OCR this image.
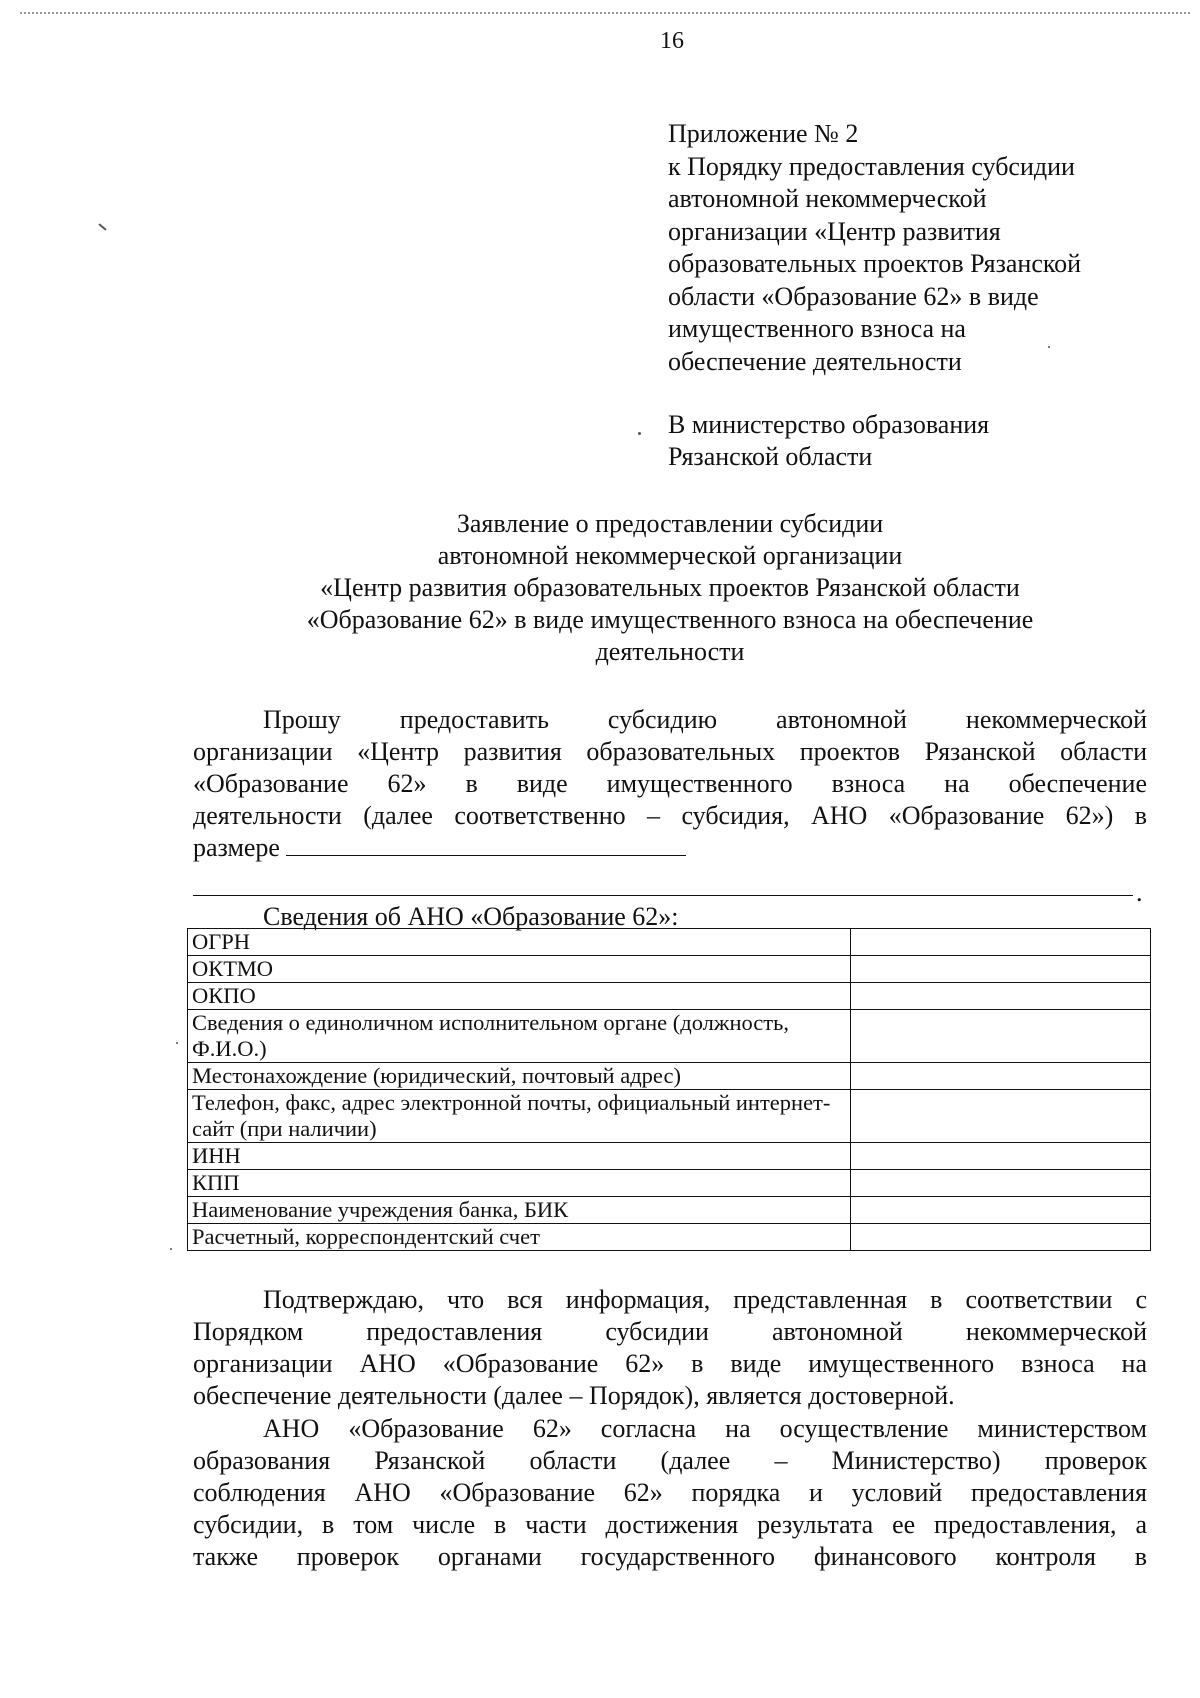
16
Приложение № 2
к Порядку предоставления субсидии
автономной некоммерческой
организации «Центр развития
образовательных проектов Рязанской
области «Образование 62» в виде
имущественного взноса на
обеспечение деятельности
В министерство образования
Рязанской области
Заявление о предоставлении субсидии
автономной некоммерческой организации
«Центр развития образовательных проектов Рязанской области
«Образование 62» в виде имущественного взноса на обеспечение
деятельности
Прошу предоставить субсидию автономной некоммерческой
организации «Центр развития образовательных проектов Рязанской области
«Образование 62» в виде имущественного взноса на обеспечение
деятельности (далее соответственно – субсидия, АНО «Образование 62») в
размере
.
Сведения об АНО «Образование 62»:
ОГРН	
ОКТМО	
ОКПО	
Сведения о единоличном исполнительном органе (должность, Ф.И.О.)	
Местонахождение (юридический, почтовый адрес)	
Телефон, факс, адрес электронной почты, официальный интернет-сайт (при наличии)	
ИНН	
КПП	
Наименование учреждения банка, БИК	
Расчетный, корреспондентский счет	
Подтверждаю, что вся информация, представленная в соответствии с
Порядком предоставления субсидии автономной некоммерческой
организации АНО «Образование 62» в виде имущественного взноса на
обеспечение деятельности (далее – Порядок), является достоверной.
АНО «Образование 62» согласна на осуществление министерством
образования Рязанской области (далее – Министерство) проверок
соблюдения АНО «Образование 62» порядка и условий предоставления
субсидии, в том числе в части достижения результата ее предоставления, а
также проверок органами государственного финансового контроля в
